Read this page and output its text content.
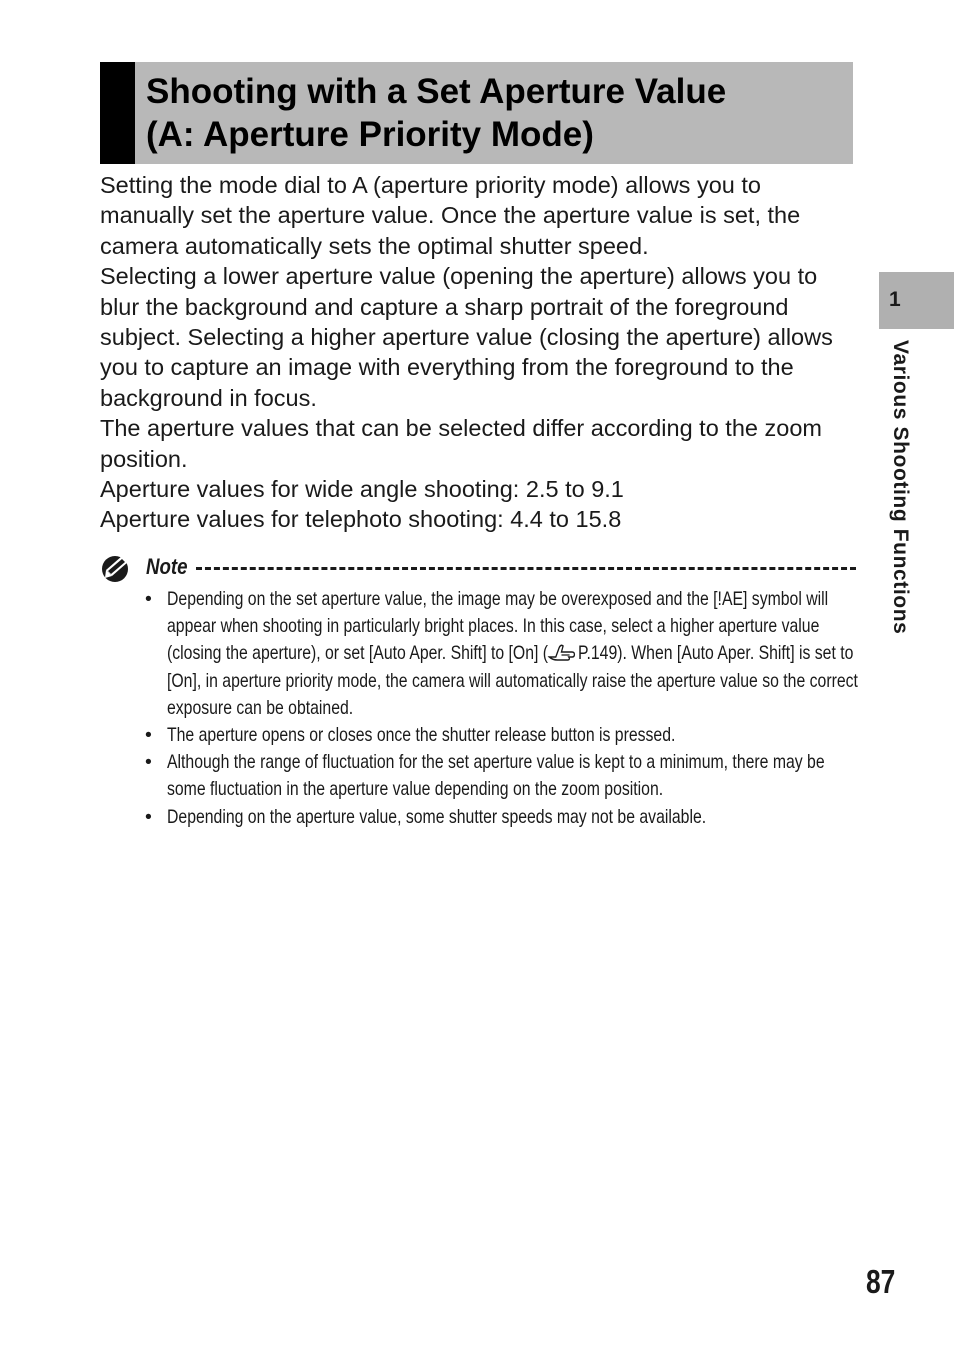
Shooting with a Set Aperture Value
(A: Aperture Priority Mode)

Setting the mode dial to A (aperture priority mode) allows you to manually set the aperture value. Once the aperture value is set, the camera automatically sets the optimal shutter speed.

Selecting a lower aperture value (opening the aperture) allows you to blur the background and capture a sharp portrait of the foreground subject. Selecting a higher aperture value (closing the aperture) allows you to capture an image with everything from the foreground to the background in focus.

The aperture values that can be selected differ according to the zoom position.

Aperture values for wide angle shooting: 2.5 to 9.1

Aperture values for telephoto shooting: 4.4 to 15.8

Note
• Depending on the set aperture value, the image may be overexposed and the [!AE] symbol will appear when shooting in particularly bright places. In this case, select a higher aperture value (closing the aperture), or set [Auto Aper. Shift] to [On] ( P.149). When [Auto Aper. Shift] is set to [On], in aperture priority mode, the camera will automatically raise the aperture value so the correct exposure can be obtained.
• The aperture opens or closes once the shutter release button is pressed.
• Although the range of fluctuation for the set aperture value is kept to a minimum, there may be some fluctuation in the aperture value depending on the zoom position.
• Depending on the aperture value, some shutter speeds may not be available.
1
Various Shooting Functions
87
